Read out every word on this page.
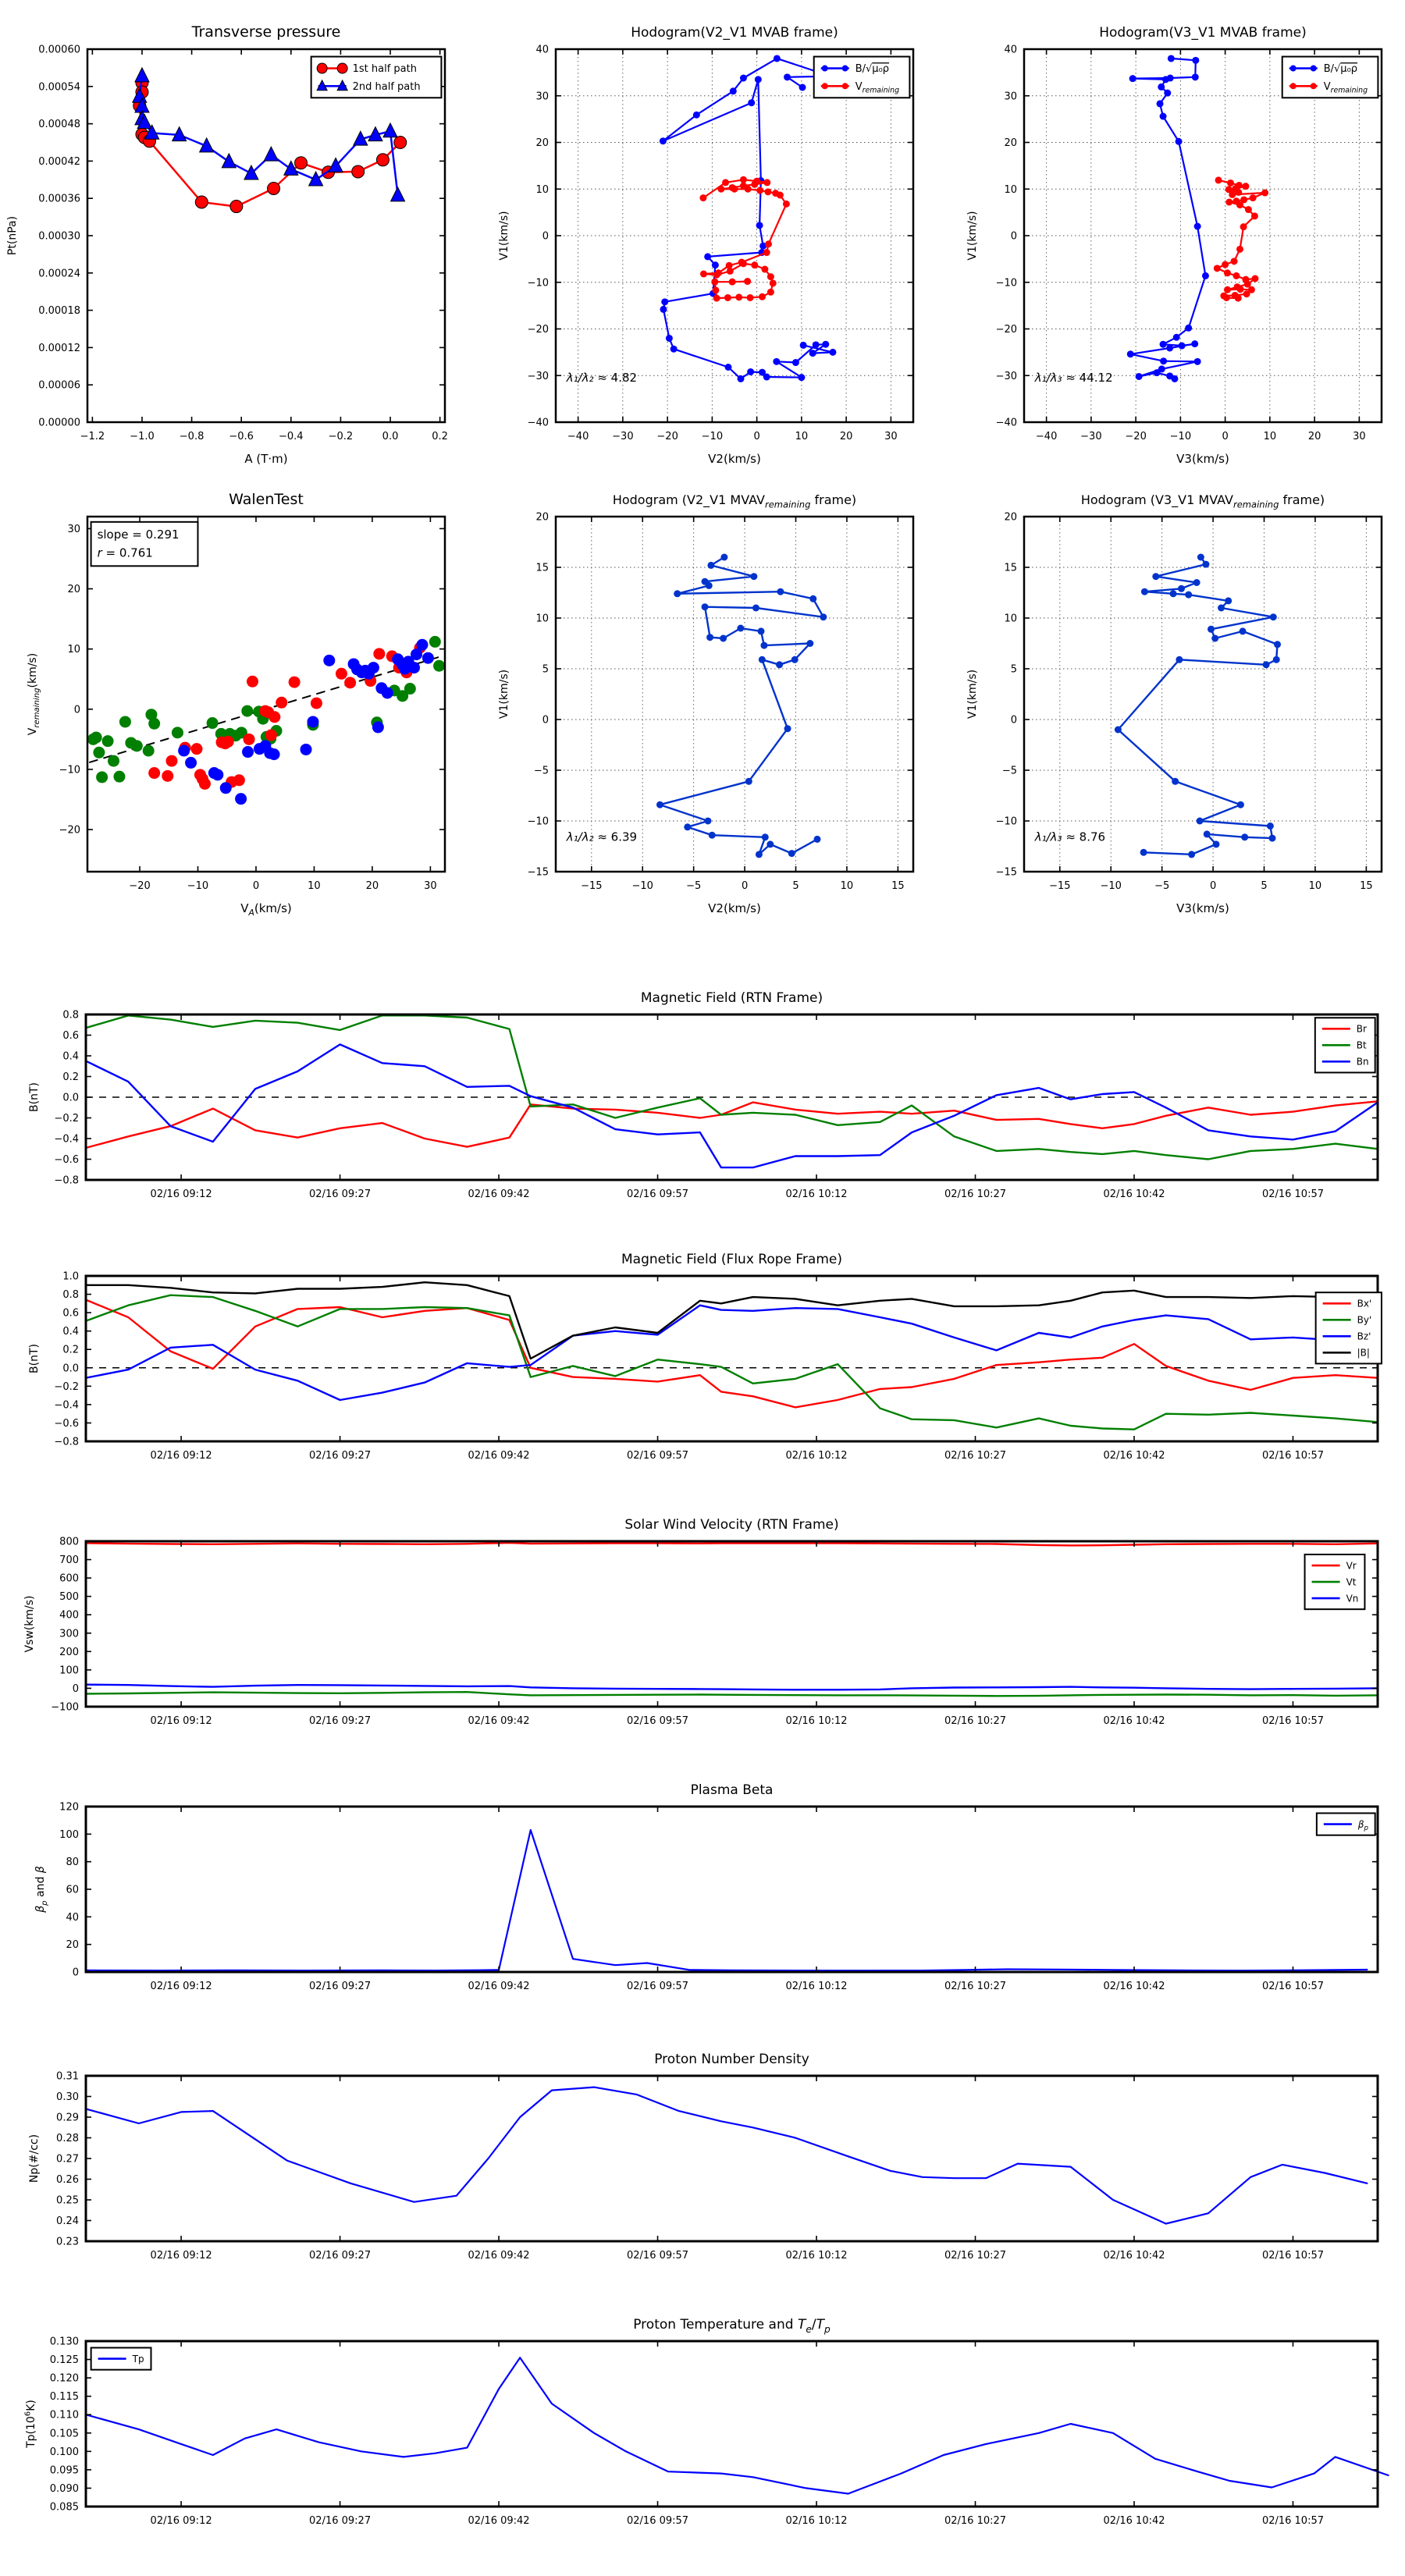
−1.2 −1.0 −0.8 −0.6 −0.4 −0.2	0.0	0.2
0.00000
0.00006
0.00012
0.00018
0.00024
0.00030
0.00036
0.00042
0.00048
0.00054
0.00060
Transverse pressure
A (T·m)
Pt(nPa)
1st half path
2nd half path
−40 −30 −20 −10	0	10	20	30
−40
−30
−20
−10
0
10
20
30
40
Hodogram(V2_V1 MVAB frame)
V2(km/s)
V1(km/s)
B/√μ₀ρ
$V_{remaining}$
λ₁/λ₂ ≈ 4.82
−40 −30 −20 −10	0	10	20	30
−40
−30
−20
−10
0
10
20
30
40
Hodogram(V3_V1 MVAB frame)
V3(km/s)
V1(km/s)
B/√μ₀ρ
$V_{remaining}$
λ₁/λ₃ ≈ 44.12
−20	−10	0	10	20	30
−20
−10
0
10
20
30
WalenTest
$V_A(km/s)$
$V_{remaining}(km/s)$
slope = 0.291
r = 0.761
−15	−10	−5	0	5	10	15
−15
−10
−5
0
5
10
15
20
Hodogram (V2_V1 $MVAV_{remaining}$ frame)
V2(km/s)
V1(km/s)
λ₁/λ₂ ≈ 6.39
−15	−10	−5	0	5	10	15
−15
−10
−5
0
5
10
15
20
Hodogram (V3_V1 $MVAV_{remaining}$ frame)
V3(km/s)
V1(km/s)
λ₁/λ₃ ≈ 8.76
02/16 09:12	02/16 09:27	02/16 09:42	02/16 09:57	02/16 10:12	02/16 10:27	02/16 10:42	02/16 10:57
−0.8
−0.6
−0.4
−0.2
0.0
0.2
0.4
0.6
0.8
Magnetic Field (RTN Frame)
B(nT)
Br
Bt
Bn
02/16 09:12	02/16 09:27	02/16 09:42	02/16 09:57	02/16 10:12	02/16 10:27	02/16 10:42	02/16 10:57
−0.8
−0.6
−0.4
−0.2
0.0
0.2
0.4
0.6
0.8
1.0
Magnetic Field (Flux Rope Frame)
B(nT)
Bx'
By'
Bz'
|B|
02/16 09:12	02/16 09:27	02/16 09:42	02/16 09:57	02/16 10:12	02/16 10:27	02/16 10:42	02/16 10:57
−100
0
100
200
300
400
500
600
700
800
Solar Wind Velocity (RTN Frame)
Vsw(km/s)
Vr
Vt
Vn
02/16 09:12	02/16 09:27	02/16 09:42	02/16 09:57	02/16 10:12	02/16 10:27	02/16 10:42	02/16 10:57
0
20
40
60
80
100
120
Plasma Beta
$\beta_p$ and β
$\beta_p$
02/16 09:12	02/16 09:27	02/16 09:42	02/16 09:57	02/16 10:12	02/16 10:27	02/16 10:42	02/16 10:57
0.23
0.24
0.25
0.26
0.27
0.28
0.29
0.30
0.31
Proton Number Density
Np(#/cc)
02/16 09:12	02/16 09:27	02/16 09:42	02/16 09:57	02/16 10:12	02/16 10:27	02/16 10:42	02/16 10:57
0.085
0.090
0.095
0.100
0.105
0.110
0.115
0.120
0.125
0.130
Proton Temperature and $T_e/T_p$
$Tp(10^6K)$
Tp
